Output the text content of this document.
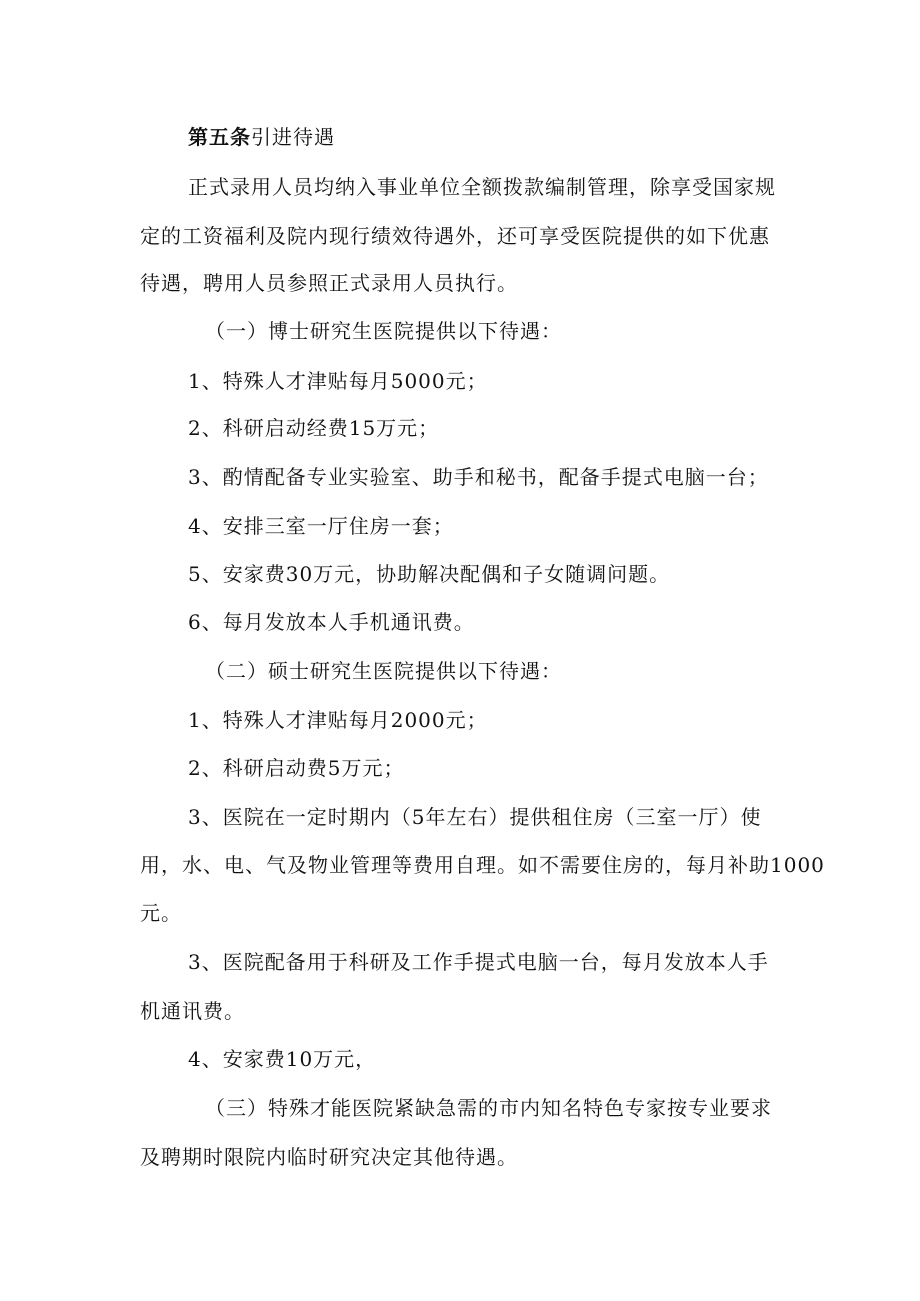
第五条引进待遇
正式录用人员均纳入事业单位全额拨款编制管理，除享受国家规
定的工资福利及院内现行绩效待遇外，还可享受医院提供的如下优惠
待遇，聘用人员参照正式录用人员执行。
（一）博士研究生医院提供以下待遇：
1、特殊人才津贴每月5000元；
2、科研启动经费15万元；
3、酌情配备专业实验室、助手和秘书，配备手提式电脑一台；
4、安排三室一厅住房一套；
5、安家费30万元，协助解决配偶和子女随调问题。
6、每月发放本人手机通讯费。
（二）硕士研究生医院提供以下待遇：
1、特殊人才津贴每月2000元；
2、科研启动费5万元；
3、医院在一定时期内（5年左右）提供租住房（三室一厅）使
用，水、电、气及物业管理等费用自理。如不需要住房的，每月补助1000
元。
3、医院配备用于科研及工作手提式电脑一台，每月发放本人手
机通讯费。
4、安家费10万元，
（三）特殊才能医院紧缺急需的市内知名特色专家按专业要求
及聘期时限院内临时研究决定其他待遇。
